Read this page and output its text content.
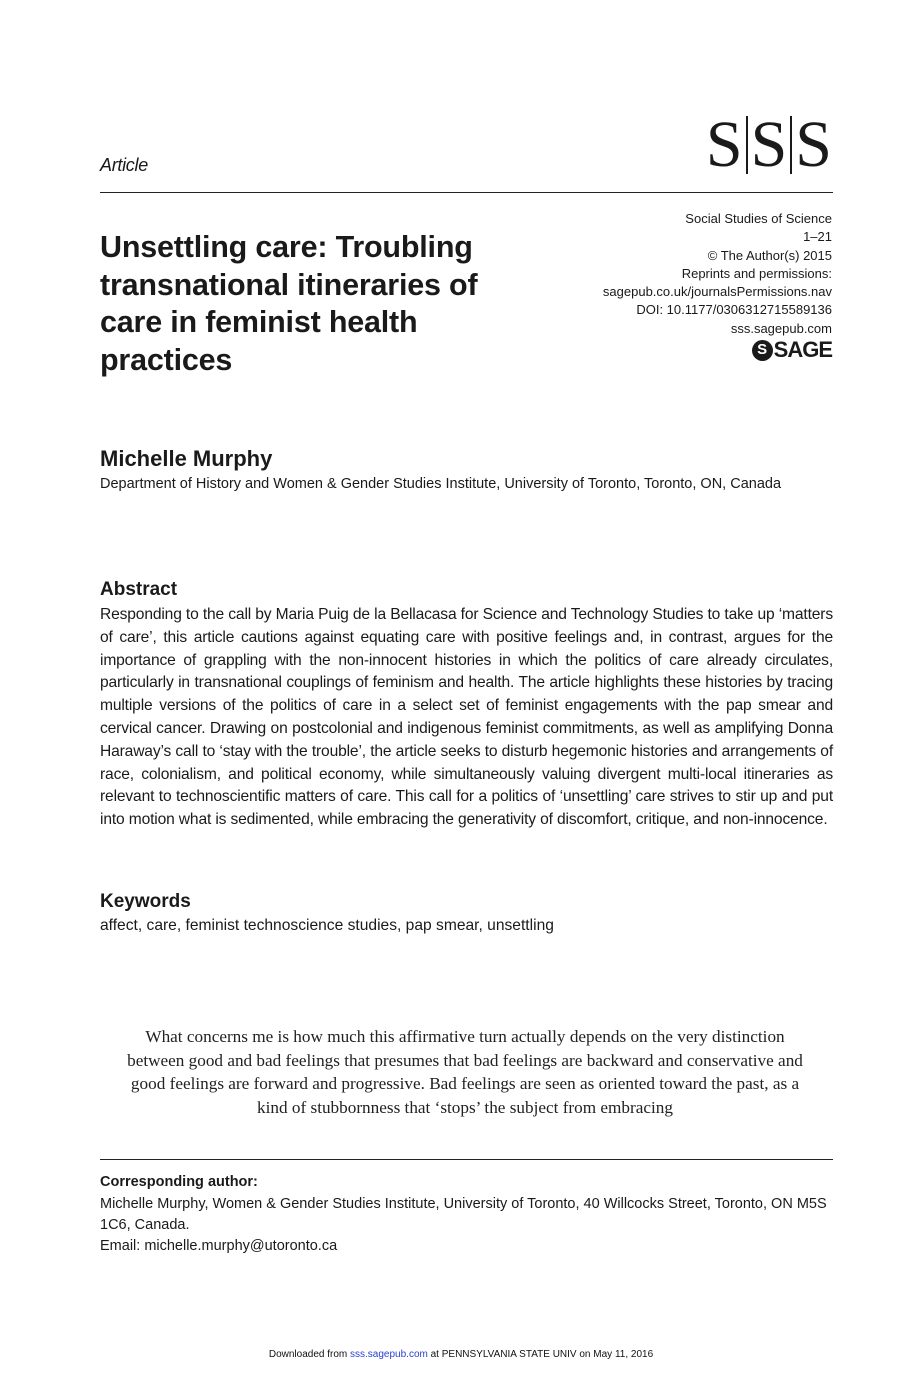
Article	S S S
Unsettling care: Troubling transnational itineraries of care in feminist health practices
Social Studies of Science
1–21
© The Author(s) 2015
Reprints and permissions:
sagepub.co.uk/journalsPermissions.nav
DOI: 10.1177/0306312715589136
sss.sagepub.com
S SAGE
Michelle Murphy
Department of History and Women & Gender Studies Institute, University of Toronto, Toronto, ON, Canada
Abstract

Responding to the call by Maria Puig de la Bellacasa for Science and Technology Studies to take up ‘matters of care’, this article cautions against equating care with positive feelings and, in contrast, argues for the importance of grappling with the non-innocent histories in which the politics of care already circulates, particularly in transnational couplings of feminism and health. The article highlights these histories by tracing multiple versions of the politics of care in a select set of feminist engagements with the pap smear and cervical cancer. Drawing on postcolonial and indigenous feminist commitments, as well as amplifying Donna Haraway’s call to ‘stay with the trouble’, the article seeks to disturb hegemonic histories and arrangements of race, colonialism, and political economy, while simultaneously valuing divergent multi-local itineraries as relevant to technoscientific matters of care. This call for a politics of ‘unsettling’ care strives to stir up and put into motion what is sedimented, while embracing the generativity of discomfort, critique, and non-innocence.

Keywords
affect, care, feminist technoscience studies, pap smear, unsettling

What concerns me is how much this affirmative turn actually depends on the very distinction between good and bad feelings that presumes that bad feelings are backward and conservative and good feelings are forward and progressive. Bad feelings are seen as oriented toward the past, as a kind of stubbornness that ‘stops’ the subject from embracing

Corresponding author:
Michelle Murphy, Women & Gender Studies Institute, University of Toronto, 40 Willcocks Street, Toronto, ON M5S 1C6, Canada.
Email: michelle.murphy@utoronto.ca
Downloaded from sss.sagepub.com at PENNSYLVANIA STATE UNIV on May 11, 2016
